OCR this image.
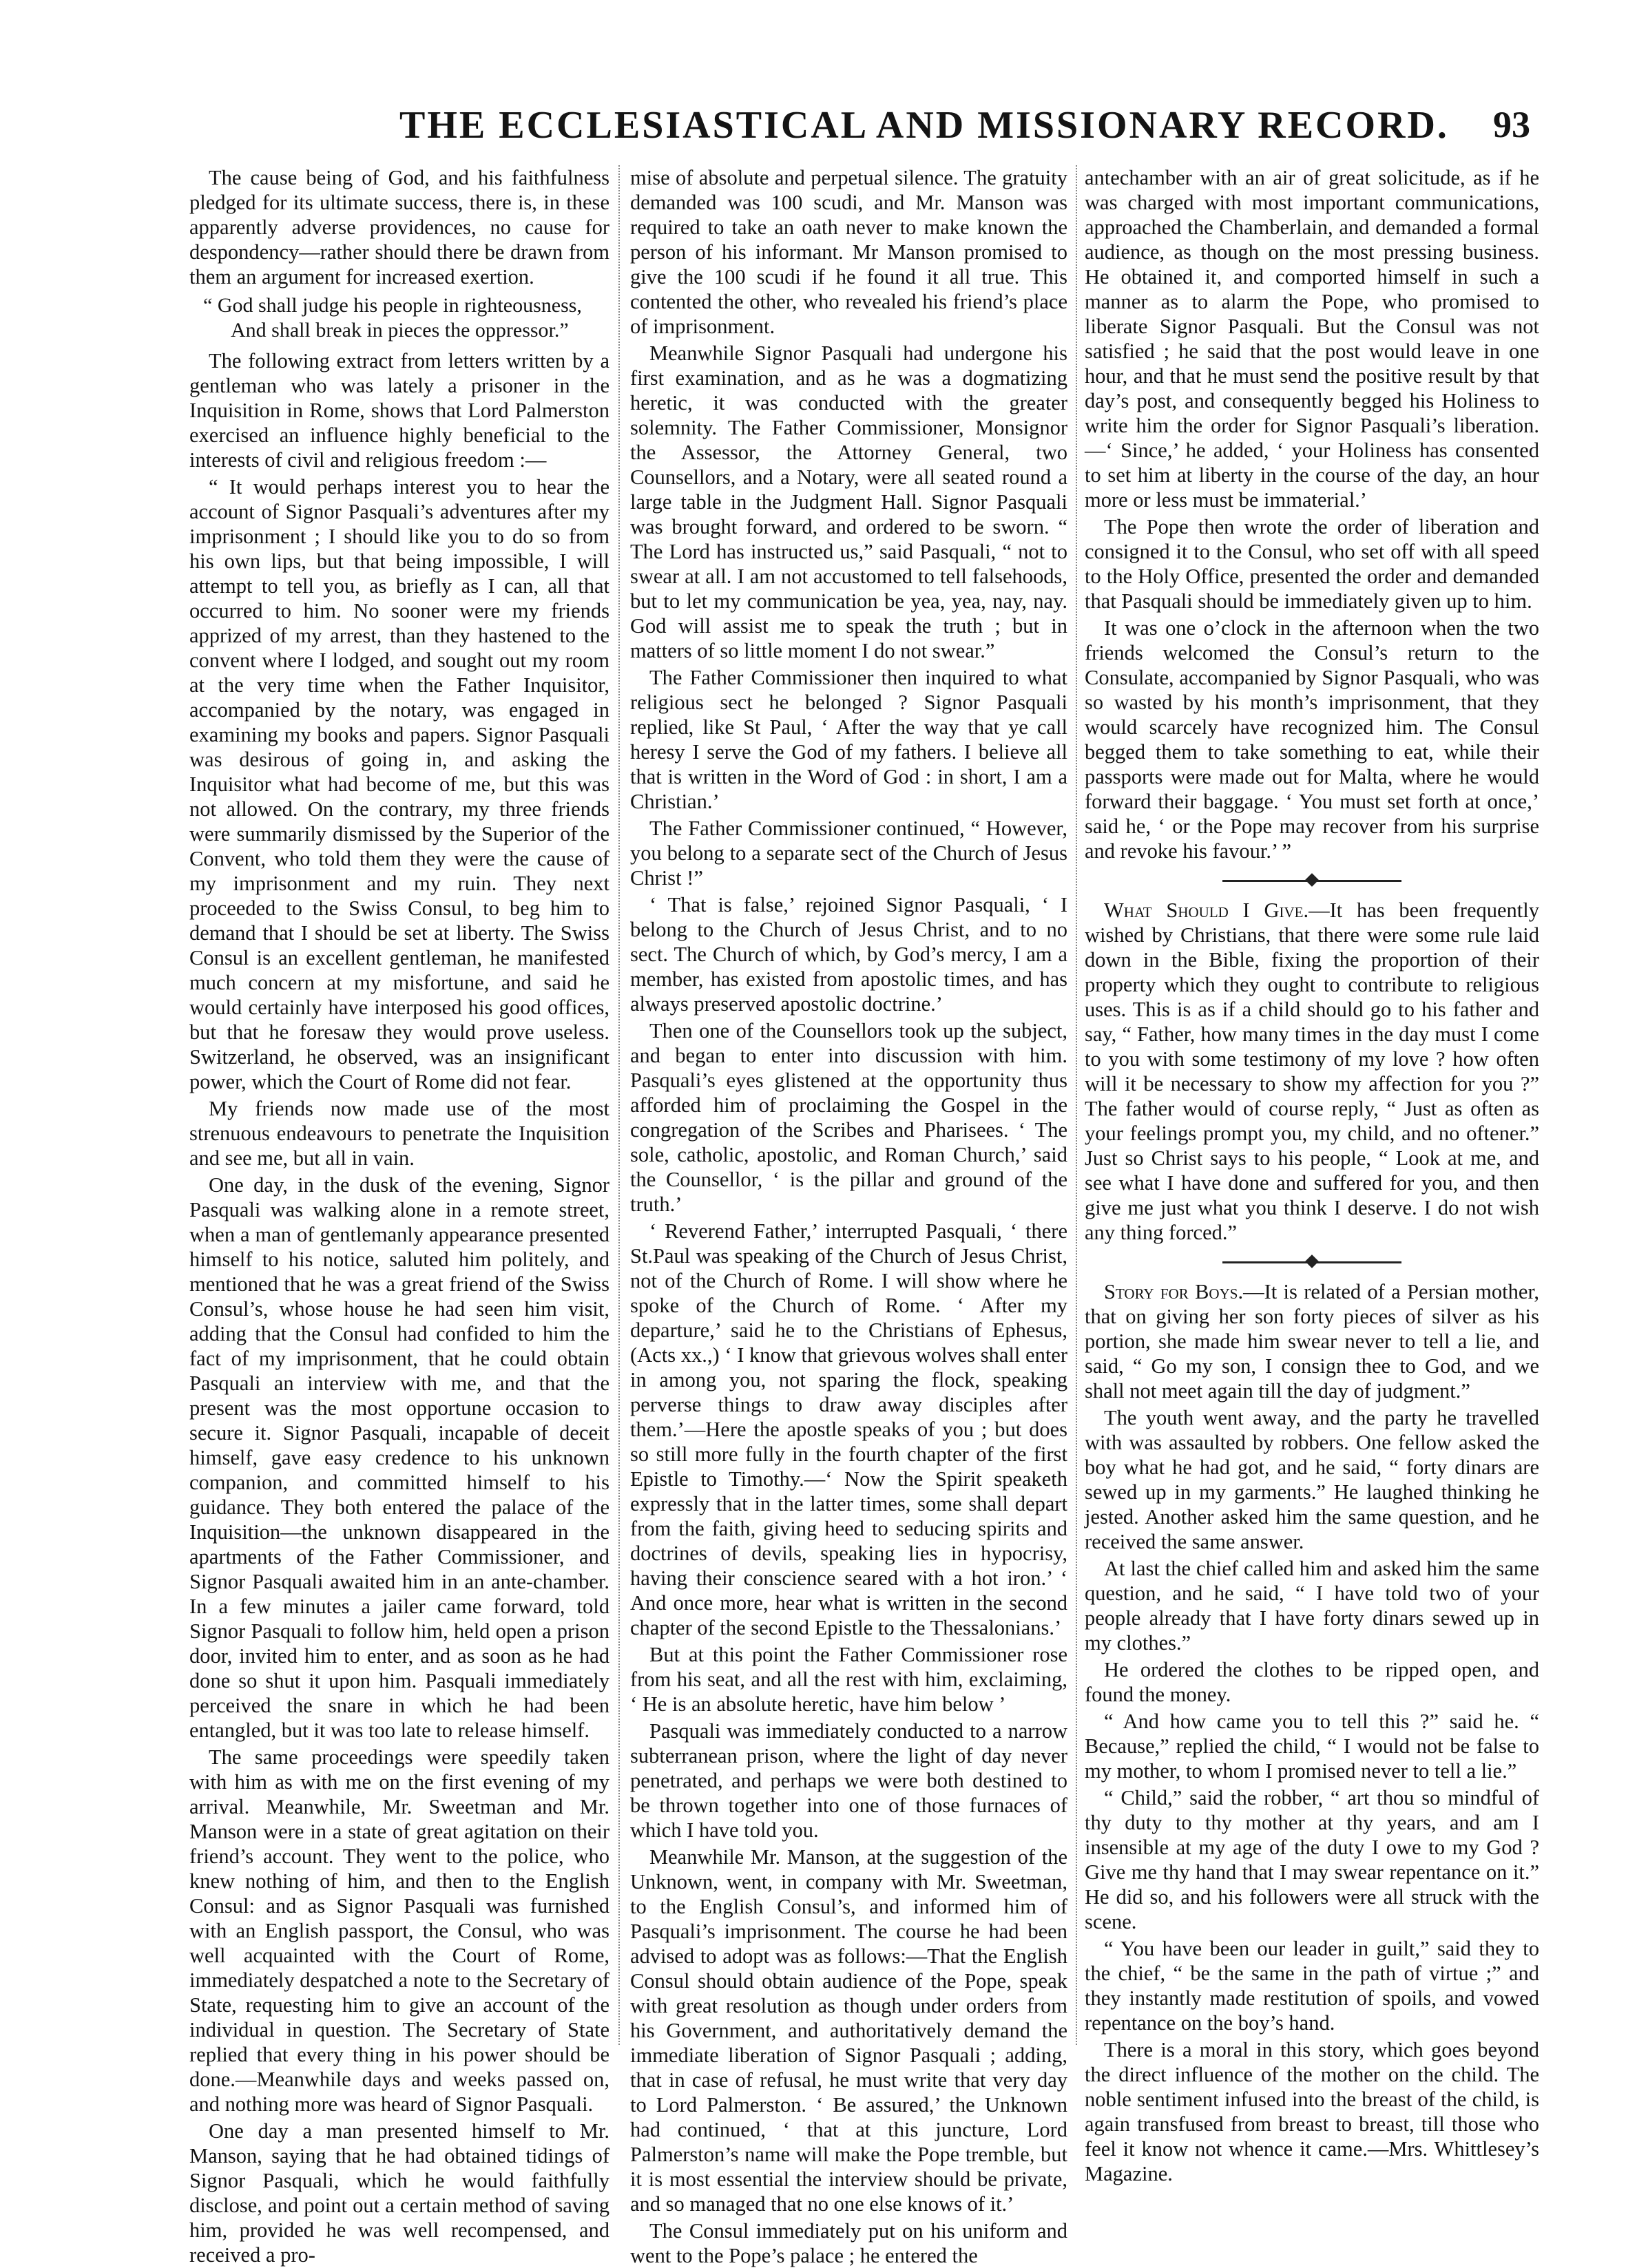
THE ECCLESIASTICAL AND MISSIONARY RECORD. 93

The cause being of God, and his faithfulness pledged for its ultimate success, there is, in these apparently adverse providences, no cause for despondency—rather should there be drawn from them an argument for increased exertion.

“ God shall judge his people in righteousness,
And shall break in pieces the oppressor.”

The following extract from letters written by a gentleman who was lately a prisoner in the Inquisition in Rome, shows that Lord Palmerston exercised an influence highly beneficial to the interests of civil and religious freedom :—

“ It would perhaps interest you to hear the account of Signor Pasquali’s adventures after my imprisonment ; I should like you to do so from his own lips, but that being impossible, I will attempt to tell you, as briefly as I can, all that occurred to him. No sooner were my friends apprized of my arrest, than they hastened to the convent where I lodged, and sought out my room at the very time when the Father Inquisitor, accompanied by the notary, was engaged in examining my books and papers. Signor Pasquali was desirous of going in, and asking the Inquisitor what had become of me, but this was not allowed. On the contrary, my three friends were summarily dismissed by the Superior of the Convent, who told them they were the cause of my imprisonment and my ruin. They next proceeded to the Swiss Consul, to beg him to demand that I should be set at liberty. The Swiss Consul is an excellent gentleman, he manifested much concern at my misfortune, and said he would certainly have interposed his good offices, but that he foresaw they would prove useless. Switzerland, he observed, was an insignificant power, which the Court of Rome did not fear.

My friends now made use of the most strenuous endeavours to penetrate the Inquisition and see me, but all in vain.

One day, in the dusk of the evening, Signor Pasquali was walking alone in a remote street, when a man of gentlemanly appearance presented himself to his notice, saluted him politely, and mentioned that he was a great friend of the Swiss Consul’s, whose house he had seen him visit, adding that the Consul had confided to him the fact of my imprisonment, that he could obtain Pasquali an interview with me, and that the present was the most opportune occasion to secure it. Signor Pasquali, incapable of deceit himself, gave easy credence to his unknown companion, and committed himself to his guidance. They both entered the palace of the Inquisition—the unknown disappeared in the apartments of the Father Commissioner, and Signor Pasquali awaited him in an ante-chamber. In a few minutes a jailer came forward, told Signor Pasquali to follow him, held open a prison door, invited him to enter, and as soon as he had done so shut it upon him. Pasquali immediately perceived the snare in which he had been entangled, but it was too late to release himself.

The same proceedings were speedily taken with him as with me on the first evening of my arrival. Meanwhile, Mr. Sweetman and Mr. Manson were in a state of great agitation on their friend’s account. They went to the police, who knew nothing of him, and then to the English Consul: and as Signor Pasquali was furnished with an English passport, the Consul, who was well acquainted with the Court of Rome, immediately despatched a note to the Secretary of State, requesting him to give an account of the individual in question. The Secretary of State replied that every thing in his power should be done.—Meanwhile days and weeks passed on, and nothing more was heard of Signor Pasquali.

One day a man presented himself to Mr. Manson, saying that he had obtained tidings of Signor Pasquali, which he would faithfully disclose, and point out a certain method of saving him, provided he was well recompensed, and received a pro-

mise of absolute and perpetual silence. The gratuity demanded was 100 scudi, and Mr. Manson was required to take an oath never to make known the person of his informant. Mr Manson promised to give the 100 scudi if he found it all true. This contented the other, who revealed his friend’s place of imprisonment.

Meanwhile Signor Pasquali had undergone his first examination, and as he was a dogmatizing heretic, it was conducted with the greater solemnity. The Father Commissioner, Monsignor the Assessor, the Attorney General, two Counsellors, and a Notary, were all seated round a large table in the Judgment Hall. Signor Pasquali was brought forward, and ordered to be sworn. “ The Lord has instructed us,” said Pasquali, “ not to swear at all. I am not accustomed to tell falsehoods, but to let my communication be yea, yea, nay, nay. God will assist me to speak the truth ; but in matters of so little moment I do not swear.”

The Father Commissioner then inquired to what religious sect he belonged ? Signor Pasquali replied, like St Paul, ‘ After the way that ye call heresy I serve the God of my fathers. I believe all that is written in the Word of God : in short, I am a Christian.’

The Father Commissioner continued, “ However, you belong to a separate sect of the Church of Jesus Christ !”

‘ That is false,’ rejoined Signor Pasquali, ‘ I belong to the Church of Jesus Christ, and to no sect. The Church of which, by God’s mercy, I am a member, has existed from apostolic times, and has always preserved apostolic doctrine.’

Then one of the Counsellors took up the subject, and began to enter into discussion with him. Pasquali’s eyes glistened at the opportunity thus afforded him of proclaiming the Gospel in the congregation of the Scribes and Pharisees. ‘ The sole, catholic, apostolic, and Roman Church,’ said the Counsellor, ‘ is the pillar and ground of the truth.’

‘ Reverend Father,’ interrupted Pasquali, ‘ there St.Paul was speaking of the Church of Jesus Christ, not of the Church of Rome. I will show where he spoke of the Church of Rome. ‘ After my departure,’ said he to the Christians of Ephesus, (Acts xx.,) ‘ I know that grievous wolves shall enter in among you, not sparing the flock, speaking perverse things to draw away disciples after them.’—Here the apostle speaks of you ; but does so still more fully in the fourth chapter of the first Epistle to Timothy.—‘ Now the Spirit speaketh expressly that in the latter times, some shall depart from the faith, giving heed to seducing spirits and doctrines of devils, speaking lies in hypocrisy, having their conscience seared with a hot iron.’ ‘ And once more, hear what is written in the second chapter of the second Epistle to the Thessalonians.’

But at this point the Father Commissioner rose from his seat, and all the rest with him, exclaiming, ‘ He is an absolute heretic, have him below ’

Pasquali was immediately conducted to a narrow subterranean prison, where the light of day never penetrated, and perhaps we were both destined to be thrown together into one of those furnaces of which I have told you.

Meanwhile Mr. Manson, at the suggestion of the Unknown, went, in company with Mr. Sweetman, to the English Consul’s, and informed him of Pasquali’s imprisonment. The course he had been advised to adopt was as follows:—That the English Consul should obtain audience of the Pope, speak with great resolution as though under orders from his Government, and authoritatively demand the immediate liberation of Signor Pasquali ; adding, that in case of refusal, he must write that very day to Lord Palmerston. ‘ Be assured,’ the Unknown had continued, ‘ that at this juncture, Lord Palmerston’s name will make the Pope tremble, but it is most essential the interview should be private, and so managed that no one else knows of it.’

The Consul immediately put on his uniform and went to the Pope’s palace ; he entered the

antechamber with an air of great solicitude, as if he was charged with most important communications, approached the Chamberlain, and demanded a formal audience, as though on the most pressing business. He obtained it, and comported himself in such a manner as to alarm the Pope, who promised to liberate Signor Pasquali. But the Consul was not satisfied ; he said that the post would leave in one hour, and that he must send the positive result by that day’s post, and consequently begged his Holiness to write him the order for Signor Pasquali’s liberation.—‘ Since,’ he added, ‘ your Holiness has consented to set him at liberty in the course of the day, an hour more or less must be immaterial.’

The Pope then wrote the order of liberation and consigned it to the Consul, who set off with all speed to the Holy Office, presented the order and demanded that Pasquali should be immediately given up to him.

It was one o’clock in the afternoon when the two friends welcomed the Consul’s return to the Consulate, accompanied by Signor Pasquali, who was so wasted by his month’s imprisonment, that they would scarcely have recognized him. The Consul begged them to take something to eat, while their passports were made out for Malta, where he would forward their baggage. ‘ You must set forth at once,’ said he, ‘ or the Pope may recover from his surprise and revoke his favour.’ ”

What Should I Give.—It has been frequently wished by Christians, that there were some rule laid down in the Bible, fixing the proportion of their property which they ought to contribute to religious uses. This is as if a child should go to his father and say, “ Father, how many times in the day must I come to you with some testimony of my love ? how often will it be necessary to show my affection for you ?” The father would of course reply, “ Just as often as your feelings prompt you, my child, and no oftener.” Just so Christ says to his people, “ Look at me, and see what I have done and suffered for you, and then give me just what you think I deserve. I do not wish any thing forced.”

Story for Boys.—It is related of a Persian mother, that on giving her son forty pieces of silver as his portion, she made him swear never to tell a lie, and said, “ Go my son, I consign thee to God, and we shall not meet again till the day of judgment.”

The youth went away, and the party he travelled with was assaulted by robbers. One fellow asked the boy what he had got, and he said, “ forty dinars are sewed up in my garments.” He laughed thinking he jested. Another asked him the same question, and he received the same answer.

At last the chief called him and asked him the same question, and he said, “ I have told two of your people already that I have forty dinars sewed up in my clothes.”

He ordered the clothes to be ripped open, and found the money.

“ And how came you to tell this ?” said he. “ Because,” replied the child, “ I would not be false to my mother, to whom I promised never to tell a lie.”

“ Child,” said the robber, “ art thou so mindful of thy duty to thy mother at thy years, and am I insensible at my age of the duty I owe to my God ? Give me thy hand that I may swear repentance on it.” He did so, and his followers were all struck with the scene.

“ You have been our leader in guilt,” said they to the chief, “ be the same in the path of virtue ;” and they instantly made restitution of spoils, and vowed repentance on the boy’s hand.

There is a moral in this story, which goes beyond the direct influence of the mother on the child. The noble sentiment infused into the breast of the child, is again transfused from breast to breast, till those who feel it know not whence it came.—Mrs. Whittlesey’s Magazine.
